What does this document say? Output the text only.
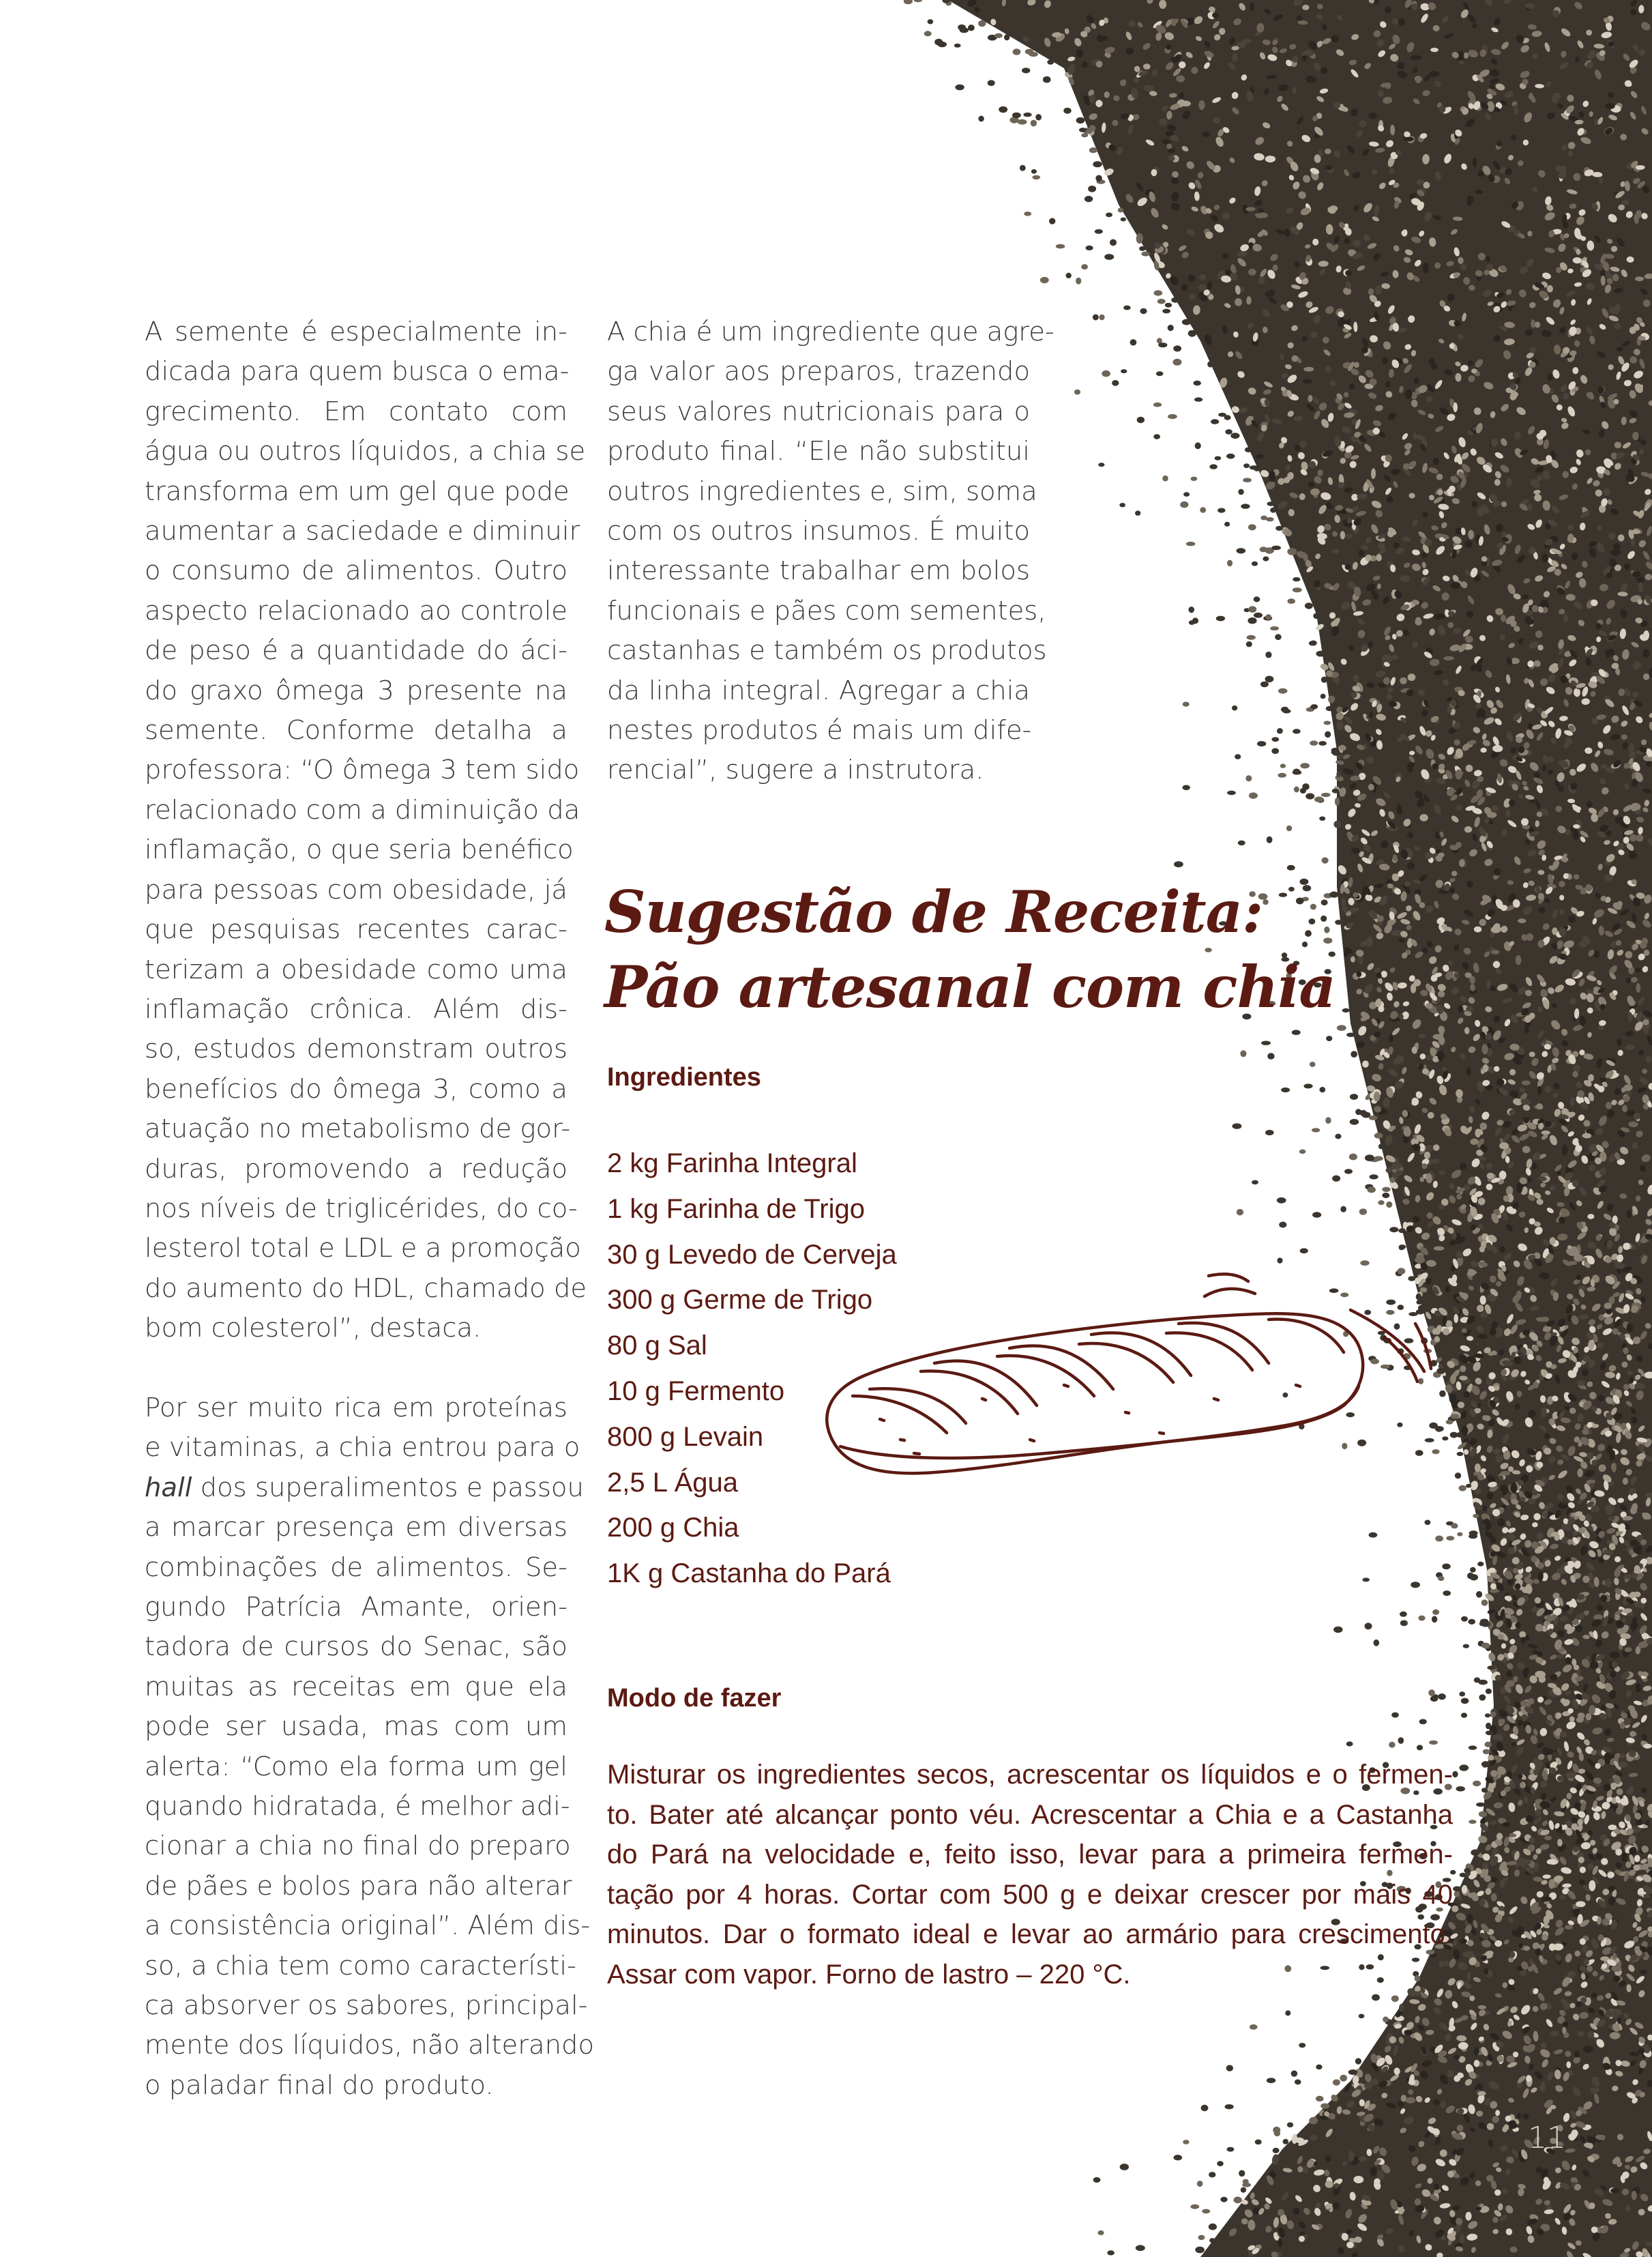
A semente é especialmente in-
dicada para quem busca o ema-
grecimento. Em contato com
água ou outros líquidos, a chia se
transforma em um gel que pode
aumentar a saciedade e diminuir
o consumo de alimentos. Outro
aspecto relacionado ao controle
de peso é a quantidade do áci-
do graxo ômega 3 presente na
semente. Conforme detalha a
professora: “O ômega 3 tem sido
relacionado com a diminuição da
inflamação, o que seria benéfico
para pessoas com obesidade, já
que pesquisas recentes carac-
terizam a obesidade como uma
inflamação crônica. Além dis-
so, estudos demonstram outros
benefícios do ômega 3, como a
atuação no metabolismo de gor-
duras, promovendo a redução
nos níveis de triglicérides, do co-
lesterol total e LDL e a promoção
do aumento do HDL, chamado de
bom colesterol”, destaca.
Por ser muito rica em proteínas
e vitaminas, a chia entrou para o
hall dos superalimentos e passou
a marcar presença em diversas
combinações de alimentos. Se-
gundo Patrícia Amante, orien-
tadora de cursos do Senac, são
muitas as receitas em que ela
pode ser usada, mas com um
alerta: “Como ela forma um gel
quando hidratada, é melhor adi-
cionar a chia no final do preparo
de pães e bolos para não alterar
a consistência original”. Além dis-
so, a chia tem como característi-
ca absorver os sabores, principal-
mente dos líquidos, não alterando
o paladar final do produto.
A chia é um ingrediente que agre-
ga valor aos preparos, trazendo
seus valores nutricionais para o
produto final. “Ele não substitui
outros ingredientes e, sim, soma
com os outros insumos. É muito
interessante trabalhar em bolos
funcionais e pães com sementes,
castanhas e também os produtos
da linha integral. Agregar a chia
nestes produtos é mais um dife-
rencial”, sugere a instrutora.
Sugestão de Receita:
Pão artesanal com chia
Ingredientes
2 kg Farinha Integral
1 kg Farinha de Trigo
30 g Levedo de Cerveja
300 g Germe de Trigo
80 g Sal
10 g Fermento
800 g Levain
2,5 L Água
200 g Chia
1K g Castanha do Pará
Modo de fazer
Misturar os ingredientes secos, acrescentar os líquidos e o fermen-
to. Bater até alcançar ponto véu. Acrescentar a Chia e a Castanha
do Pará na velocidade e, feito isso, levar para a primeira fermen-
tação por 4 horas. Cortar com 500 g e deixar crescer por mais 40
minutos. Dar o formato ideal e levar ao armário para crescimento.
Assar com vapor. Forno de lastro – 220 °C.
11
